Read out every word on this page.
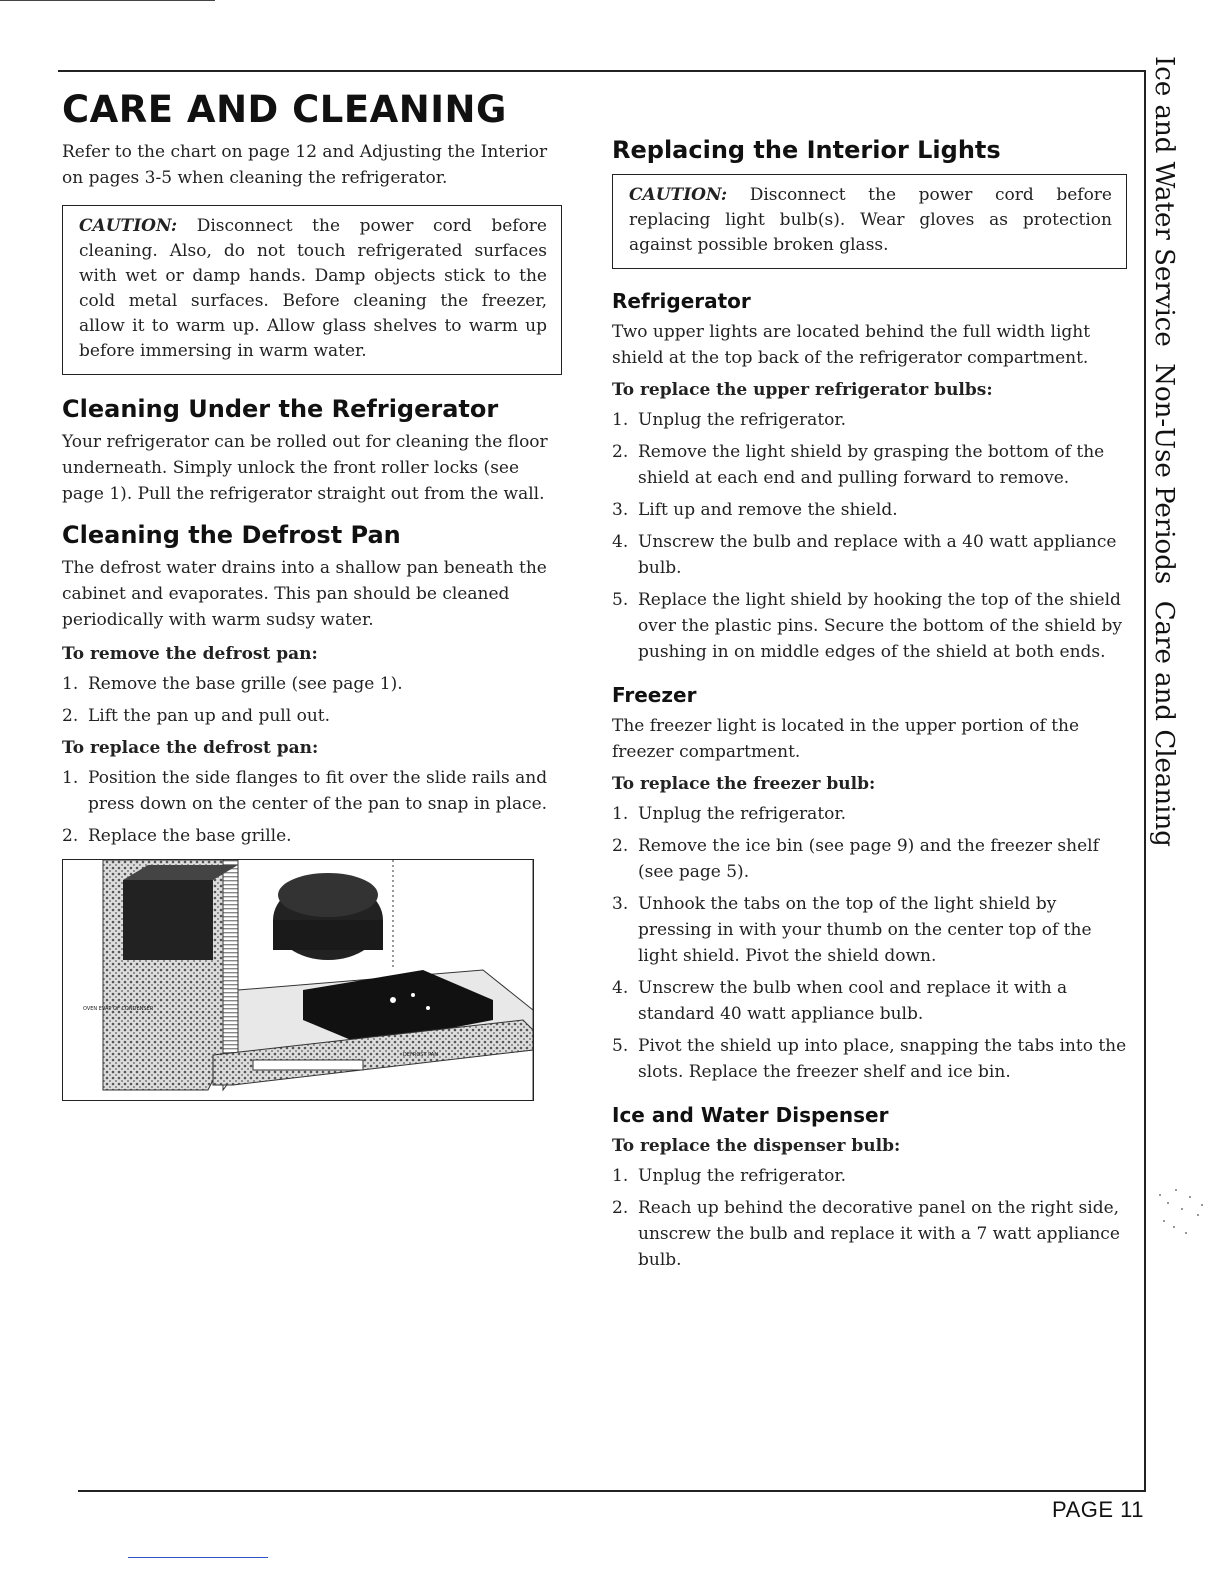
CARE AND CLEANING

Refer to the chart on page 12 and Adjusting the Interior on pages 3-5 when cleaning the refrigerator.

CAUTION: Disconnect the power cord before cleaning. Also, do not touch refrigerated surfaces with wet or damp hands. Damp objects stick to the cold metal surfaces. Before cleaning the freezer, allow it to warm up. Allow glass shelves to warm up before immersing in warm water.
Cleaning Under the Refrigerator

Your refrigerator can be rolled out for cleaning the floor underneath. Simply unlock the front roller locks (see page 1). Pull the refrigerator straight out from the wall.

Cleaning the Defrost Pan

The defrost water drains into a shallow pan beneath the cabinet and evaporates. This pan should be cleaned periodically with warm sudsy water.

To remove the defrost pan:
1. Remove the base grille (see page 1).
2. Lift the pan up and pull out.
To replace the defrost pan:
1. Position the side flanges to fit over the slide rails and press down on the center of the pan to snap in place.
2. Replace the base grille.
OVEN EVAP OF CONDENSER
DEFROST PAN
Replacing the Interior Lights
CAUTION: Disconnect the power cord before replacing light bulb(s). Wear gloves as protection against possible broken glass.
Refrigerator

Two upper lights are located behind the full width light shield at the top back of the refrigerator compartment.

To replace the upper refrigerator bulbs:
1. Unplug the refrigerator.
2. Remove the light shield by grasping the bottom of the shield at each end and pulling forward to remove.
3. Lift up and remove the shield.
4. Unscrew the bulb and replace with a 40 watt appliance bulb.
5. Replace the light shield by hooking the top of the shield over the plastic pins. Secure the bottom of the shield by pushing in on middle edges of the shield at both ends.
Freezer

The freezer light is located in the upper portion of the freezer compartment.

To replace the freezer bulb:
1. Unplug the refrigerator.
2. Remove the ice bin (see page 9) and the freezer shelf (see page 5).
3. Unhook the tabs on the top of the light shield by pressing in with your thumb on the center top of the light shield. Pivot the shield down.
4. Unscrew the bulb when cool and replace it with a standard 40 watt appliance bulb.
5. Pivot the shield up into place, snapping the tabs into the slots. Replace the freezer shelf and ice bin.
Ice and Water Dispenser
To replace the dispenser bulb:
1. Unplug the refrigerator.
2. Reach up behind the decorative panel on the right side, unscrew the bulb and replace it with a 7 watt appliance bulb.
Ice and Water Service  Non-Use Periods  Care and Cleaning
PAGE 11
